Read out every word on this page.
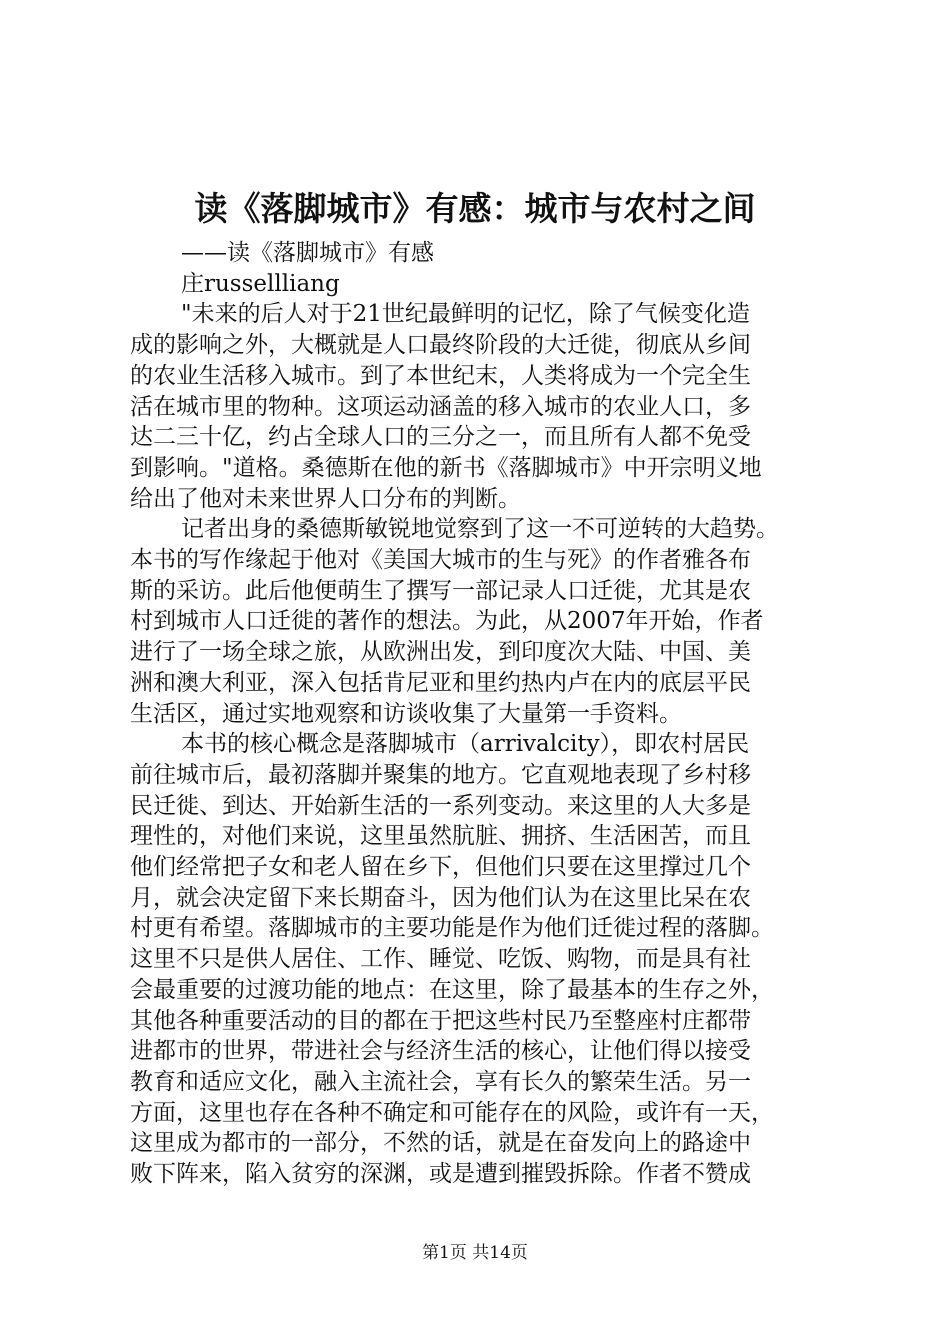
读《落脚城市》有感：城市与农村之间
——读《落脚城市》有感
庄russellliang
"未来的后人对于21世纪最鲜明的记忆，除了气候变化造
成的影响之外，大概就是人口最终阶段的大迁徙，彻底从乡间
的农业生活移入城市。到了本世纪末，人类将成为一个完全生
活在城市里的物种。这项运动涵盖的移入城市的农业人口，多
达二三十亿，约占全球人口的三分之一，而且所有人都不免受
到影响。"道格。桑德斯在他的新书《落脚城市》中开宗明义地
给出了他对未来世界人口分布的判断。
记者出身的桑德斯敏锐地觉察到了这一不可逆转的大趋势。
本书的写作缘起于他对《美国大城市的生与死》的作者雅各布
斯的采访。此后他便萌生了撰写一部记录人口迁徙，尤其是农
村到城市人口迁徙的著作的想法。为此，从2007年开始，作者
进行了一场全球之旅，从欧洲出发，到印度次大陆、中国、美
洲和澳大利亚，深入包括肯尼亚和里约热内卢在内的底层平民
生活区，通过实地观察和访谈收集了大量第一手资料。
本书的核心概念是落脚城市（arrivalcity），即农村居民
前往城市后，最初落脚并聚集的地方。它直观地表现了乡村移
民迁徙、到达、开始新生活的一系列变动。来这里的人大多是
理性的，对他们来说，这里虽然肮脏、拥挤、生活困苦，而且
他们经常把子女和老人留在乡下，但他们只要在这里撑过几个
月，就会决定留下来长期奋斗，因为他们认为在这里比呆在农
村更有希望。落脚城市的主要功能是作为他们迁徙过程的落脚。
这里不只是供人居住、工作、睡觉、吃饭、购物，而是具有社
会最重要的过渡功能的地点：在这里，除了最基本的生存之外，
其他各种重要活动的目的都在于把这些村民乃至整座村庄都带
进都市的世界，带进社会与经济生活的核心，让他们得以接受
教育和适应文化，融入主流社会，享有长久的繁荣生活。另一
方面，这里也存在各种不确定和可能存在的风险，或许有一天，
这里成为都市的一部分，不然的话，就是在奋发向上的路途中
败下阵来，陷入贫穷的深渊，或是遭到摧毁拆除。作者不赞成
第1页 共14页
